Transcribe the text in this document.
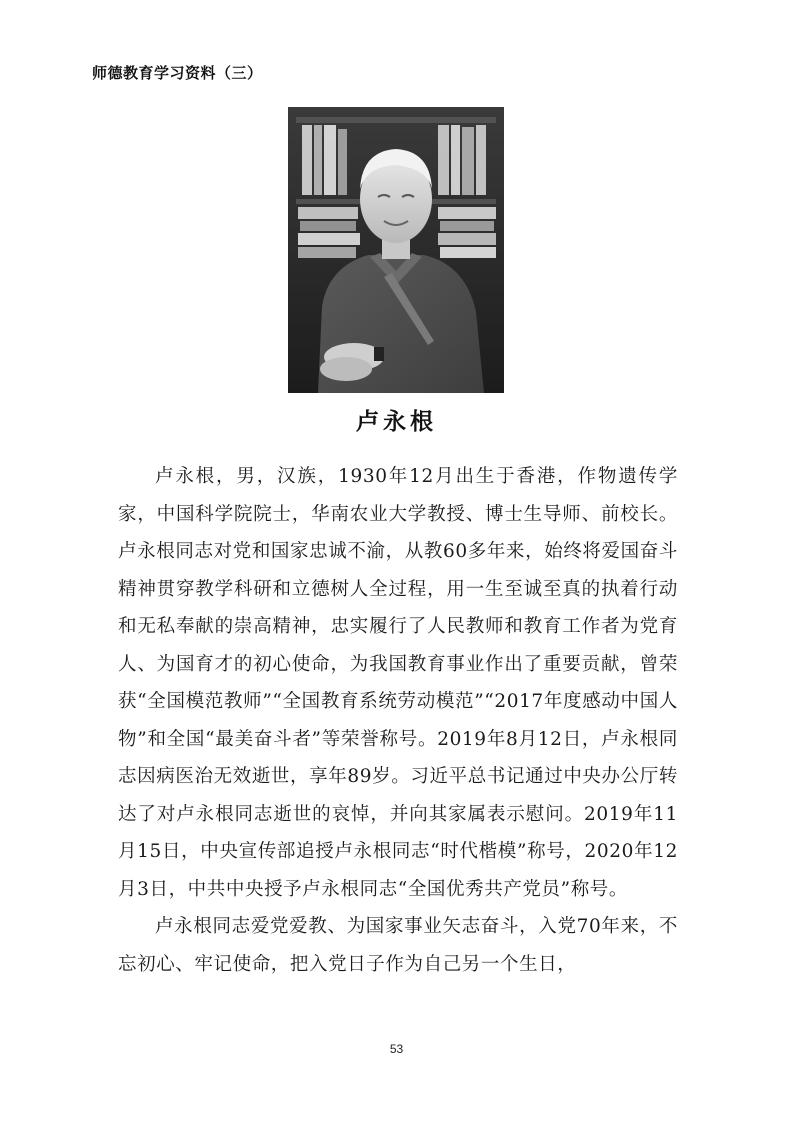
师德教育学习资料（三）
卢永根

卢永根，男，汉族，1930年12月出生于香港，作物遗传学家，中国科学院院士，华南农业大学教授、博士生导师、前校长。卢永根同志对党和国家忠诚不渝，从教60多年来，始终将爱国奋斗精神贯穿教学科研和立德树人全过程，用一生至诚至真的执着行动和无私奉献的崇高精神，忠实履行了人民教师和教育工作者为党育人、为国育才的初心使命，为我国教育事业作出了重要贡献，曾荣获“全国模范教师”“全国教育系统劳动模范”“2017年度感动中国人物”和全国“最美奋斗者”等荣誉称号。2019年8月12日，卢永根同志因病医治无效逝世，享年89岁。习近平总书记通过中央办公厅转达了对卢永根同志逝世的哀悼，并向其家属表示慰问。2019年11月15日，中央宣传部追授卢永根同志“时代楷模”称号，2020年12月3日，中共中央授予卢永根同志“全国优秀共产党员”称号。

卢永根同志爱党爱教、为国家事业矢志奋斗，入党70年来，不忘初心、牢记使命，把入党日子作为自己另一个生日，

53
